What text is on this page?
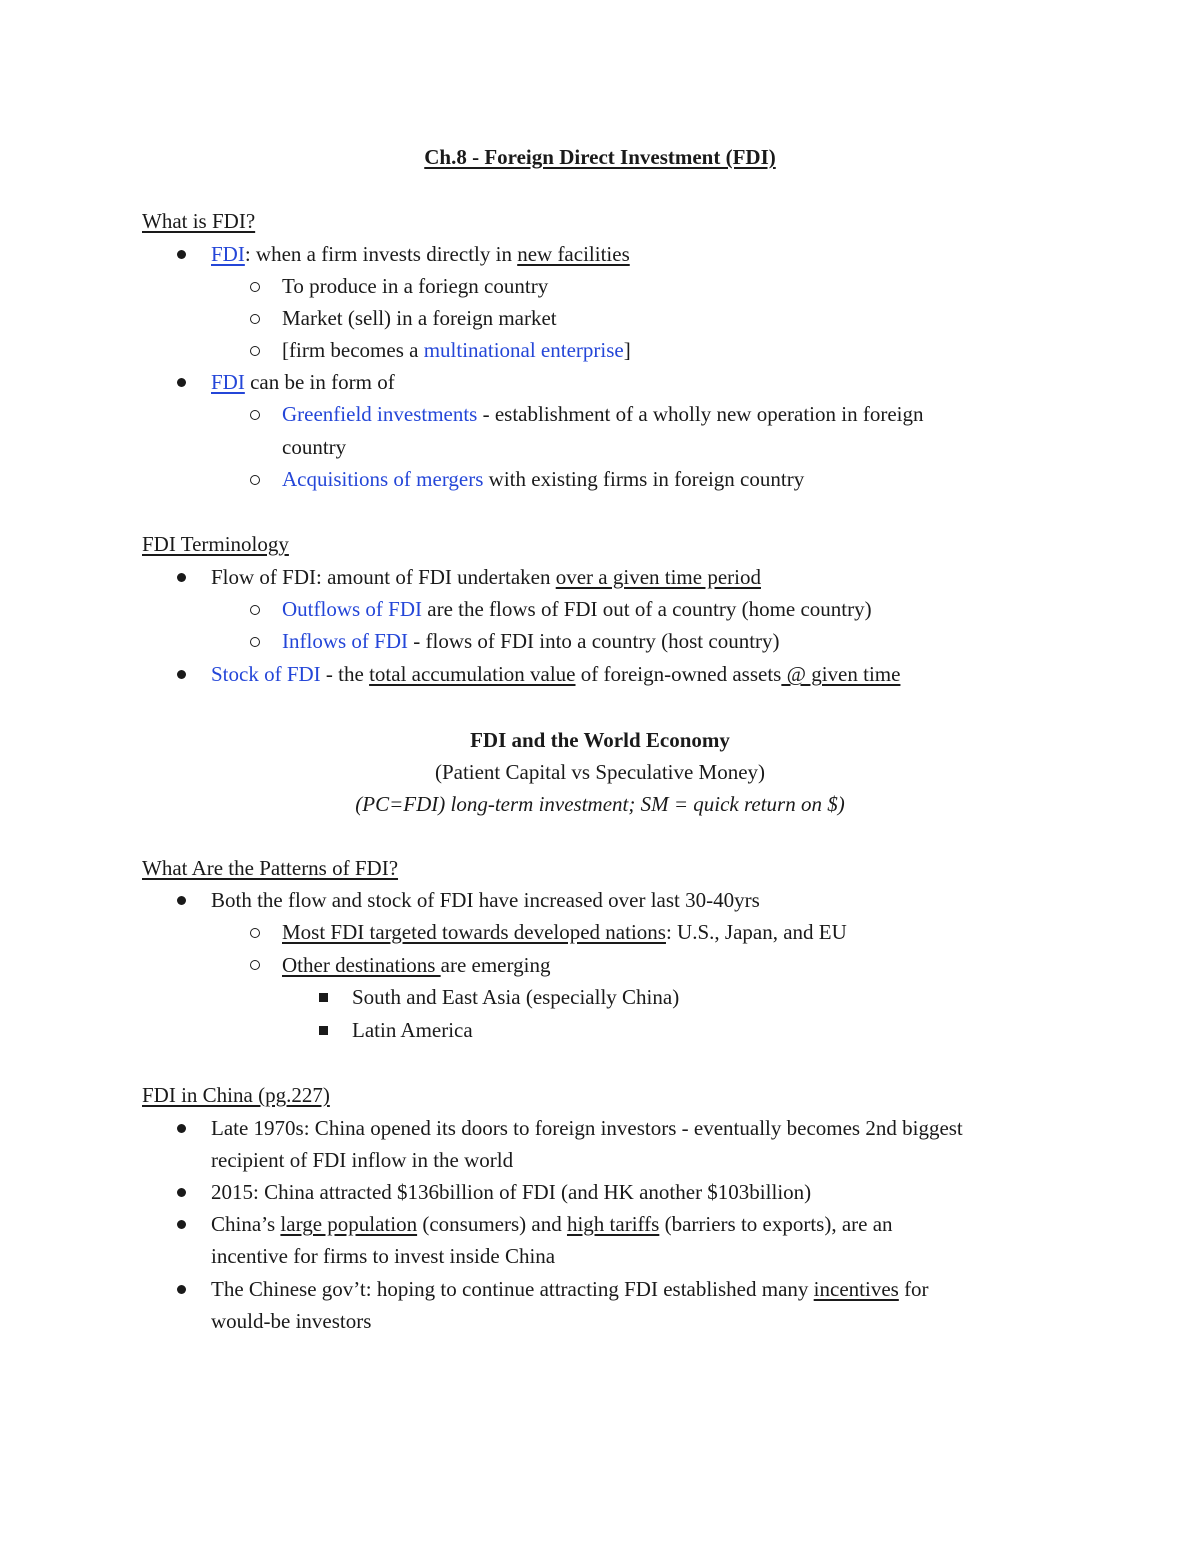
Ch.8 - Foreign Direct Investment (FDI)
What is FDI?
FDI: when a firm invests directly in new facilities
To produce in a foriegn country
Market (sell) in a foreign market
[firm becomes a multinational enterprise]
FDI can be in form of
Greenfield investments - establishment of a wholly new operation in foreign
country
Acquisitions of mergers with existing firms in foreign country
FDI Terminology
Flow of FDI: amount of FDI undertaken over a given time period
Outflows of FDI are the flows of FDI out of a country (home country)
Inflows of FDI - flows of FDI into a country (host country)
Stock of FDI - the total accumulation value of foreign-owned assets @ given time
FDI and the World Economy
(Patient Capital vs Speculative Money)
(PC=FDI) long-term investment; SM = quick return on $)
What Are the Patterns of FDI?
Both the flow and stock of FDI have increased over last 30-40yrs
Most FDI targeted towards developed nations: U.S., Japan, and EU
Other destinations are emerging
South and East Asia (especially China)
Latin America
FDI in China (pg.227)
Late 1970s: China opened its doors to foreign investors - eventually becomes 2nd biggest
recipient of FDI inflow in the world
2015: China attracted $136billion of FDI (and HK another $103billion)
China’s large population (consumers) and high tariffs (barriers to exports), are an
incentive for firms to invest inside China
The Chinese gov’t: hoping to continue attracting FDI established many incentives for
would-be investors
